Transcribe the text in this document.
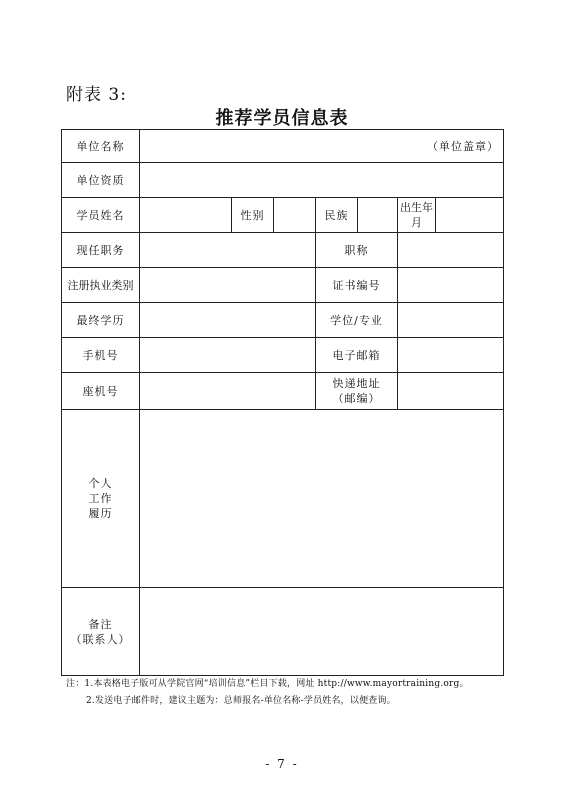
附表 3:
推荐学员信息表
单位名称	（单位盖章）						
单位资质							
学员姓名		性别		民族		出生年月	
现任职务				职称			
注册执业类别				证书编号			
最终学历				学位/专业			
手机号				电子邮箱			
座机号				快递地址
（邮编）			

个人
工作
履历							

备注
（联系人）							

注：1.本表格电子版可从学院官网“培训信息”栏目下载，网址 http://www.mayortraining.org。
2.发送电子邮件时，建议主题为：总师报名-单位名称-学员姓名，以便查询。
- 7 -
